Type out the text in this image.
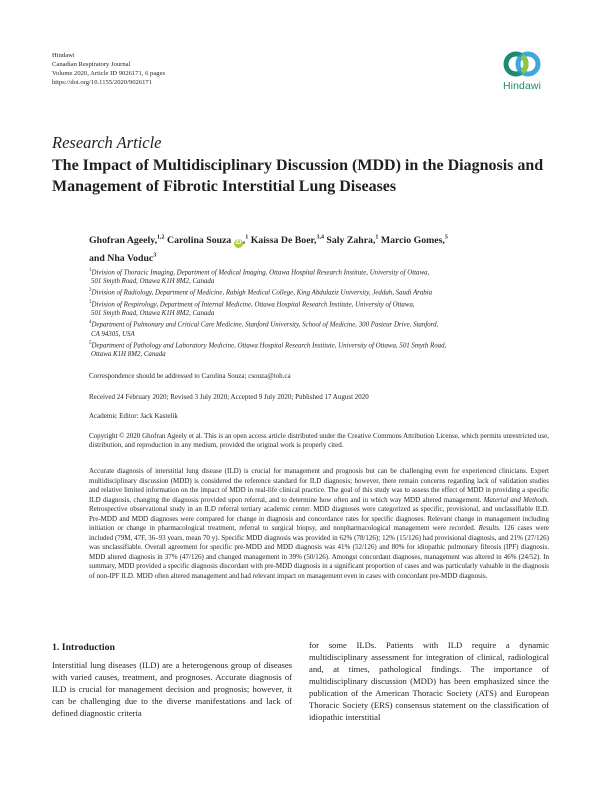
Hindawi
Canadian Respiratory Journal
Volume 2020, Article ID 9026171, 6 pages
https://doi.org/10.1155/2020/9026171	Hindawi
Research Article
The Impact of Multidisciplinary Discussion (MDD) in the Diagnosis and Management of Fibrotic Interstitial Lung Diseases
Ghofran Ageely,$^{1,2}$ Carolina Souza iD ,$^1$ Kaissa De Boer,$^{3,4}$ Saly Zahra,$^1$ Marcio Gomes,$^5$
and Nha Voduc$^3$
$^1$Division of Thoracic Imaging, Department of Medical Imaging, Ottawa Hospital Research Institute, University of Ottawa,
501 Smyth Road, Ottawa K1H 8M2, Canada
$^2$Division of Radiology, Department of Medicine, Rabigh Medical College, King Abdulaziz University, Jeddah, Saudi Arabia
$^3$Division of Respirology, Department of Internal Medicine, Ottawa Hospital Research Institute, University of Ottawa,
501 Smyth Road, Ottawa K1H 8M2, Canada
$^4$Department of Pulmonary and Critical Care Medicine, Stanford University, School of Medicine, 300 Pasteur Drive, Stanford,
CA 94305, USA
$^5$Department of Pathology and Laboratory Medicine, Ottawa Hospital Research Institute, University of Ottawa, 501 Smyth Road,
Ottawa K1H 8M2, Canada
Correspondence should be addressed to Carolina Souza; csouza@toh.ca
Received 24 February 2020; Revised 3 July 2020; Accepted 9 July 2020; Published 17 August 2020
Academic Editor: Jack Kastelik
Copyright © 2020 Ghofran Ageely et al. This is an open access article distributed under the Creative Commons Attribution License, which permits unrestricted use, distribution, and reproduction in any medium, provided the original work is properly cited.
Accurate diagnosis of interstitial lung disease (ILD) is crucial for management and prognosis but can be challenging even for experienced clinicians. Expert multidisciplinary discussion (MDD) is considered the reference standard for ILD diagnosis; however, there remain concerns regarding lack of validation studies and relative limited information on the impact of MDD in real-life clinical practice. The goal of this study was to assess the effect of MDD in providing a specific ILD diagnosis, changing the diagnosis provided upon referral, and to determine how often and in which way MDD altered management. Material and Methods. Retrospective observational study in an ILD referral tertiary academic center. MDD diagnoses were categorized as specific, provisional, and unclassifiable ILD. Pre-MDD and MDD diagnoses were compared for change in diagnosis and concordance rates for specific diagnoses. Relevant change in management including initiation or change in pharmacological treatment, referral to surgical biopsy, and nonpharmacological management were recorded. Results. 126 cases were included (79M, 47F, 36–93 years, mean 70 y). Specific MDD diagnosis was provided in 62% (78/126); 12% (15/126) had provisional diagnosis, and 21% (27/126) was unclassifiable. Overall agreement for specific pre-MDD and MDD diagnosis was 41% (52/126) and 80% for idiopathic pulmonary fibrosis (IPF) diagnosis. MDD altered diagnosis in 37% (47/126) and changed management in 39% (50/126). Amongst concordant diagnoses, management was altered in 46% (24/52). In summary, MDD provided a specific diagnosis discordant with pre-MDD diagnosis in a significant proportion of cases and was particularly valuable in the diagnosis of non-IPF ILD. MDD often altered management and had relevant impact on management even in cases with concordant pre-MDD diagnosis.
1. Introduction
Interstitial lung diseases (ILD) are a heterogenous group of diseases with varied causes, treatment, and prognoses. Accurate diagnosis of ILD is crucial for management decision and prognosis; however, it can be challenging due to the diverse manifestations and lack of defined diagnostic criteria
for some ILDs. Patients with ILD require a dynamic multidisciplinary assessment for integration of clinical, radiological and, at times, pathological findings. The importance of multidisciplinary discussion (MDD) has been emphasized since the publication of the American Thoracic Society (ATS) and European Thoracic Society (ERS) consensus statement on the classification of idiopathic interstitial
